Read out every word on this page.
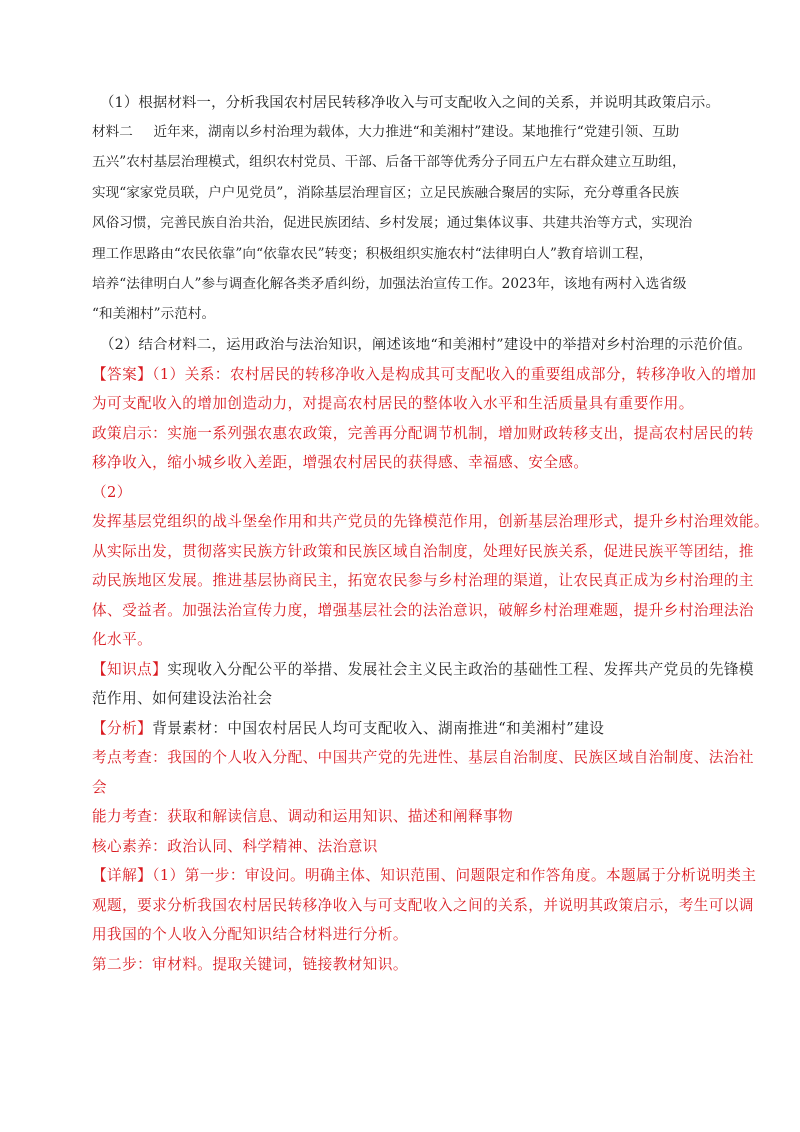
（1）根据材料一，分析我国农村居民转移净收入与可支配收入之间的关系，并说明其政策启示。

材料二   近年来，湖南以乡村治理为载体，大力推进“和美湘村”建设。某地推行“党建引领、互助

五兴”农村基层治理模式，组织农村党员、干部、后备干部等优秀分子同五户左右群众建立互助组，

实现“家家党员联，户户见党员”，消除基层治理盲区；立足民族融合聚居的实际，充分尊重各民族

风俗习惯，完善民族自治共治，促进民族团结、乡村发展；通过集体议事、共建共治等方式，实现治

理工作思路由“农民依靠”向“依靠农民”转变；积极组织实施农村“法律明白人”教育培训工程，

培养“法律明白人”参与调查化解各类矛盾纠纷，加强法治宣传工作。2023年，该地有两村入选省级

“和美湘村”示范村。

（2）结合材料二，运用政治与法治知识，阐述该地“和美湘村”建设中的举措对乡村治理的示范价值。

【答案】（1）关系：农村居民的转移净收入是构成其可支配收入的重要组成部分，转移净收入的增加

为可支配收入的增加创造动力，对提高农村居民的整体收入水平和生活质量具有重要作用。

政策启示：实施一系列强农惠农政策，完善再分配调节机制，增加财政转移支出，提高农村居民的转

移净收入，缩小城乡收入差距，增强农村居民的获得感、幸福感、安全感。

（2）

发挥基层党组织的战斗堡垒作用和共产党员的先锋模范作用，创新基层治理形式，提升乡村治理效能。

从实际出发，贯彻落实民族方针政策和民族区域自治制度，处理好民族关系，促进民族平等团结，推

动民族地区发展。推进基层协商民主，拓宽农民参与乡村治理的渠道，让农民真正成为乡村治理的主

体、受益者。加强法治宣传力度，增强基层社会的法治意识，破解乡村治理难题，提升乡村治理法治

化水平。

【知识点】实现收入分配公平的举措、发展社会主义民主政治的基础性工程、发挥共产党员的先锋模

范作用、如何建设法治社会

【分析】背景素材：中国农村居民人均可支配收入、湖南推进“和美湘村”建设

考点考查：我国的个人收入分配、中国共产党的先进性、基层自治制度、民族区域自治制度、法治社

会

能力考查：获取和解读信息、调动和运用知识、描述和阐释事物

核心素养：政治认同、科学精神、法治意识

【详解】（1）第一步：审设问。明确主体、知识范围、问题限定和作答角度。本题属于分析说明类主

观题，要求分析我国农村居民转移净收入与可支配收入之间的关系，并说明其政策启示，考生可以调

用我国的个人收入分配知识结合材料进行分析。

第二步：审材料。提取关键词，链接教材知识。
